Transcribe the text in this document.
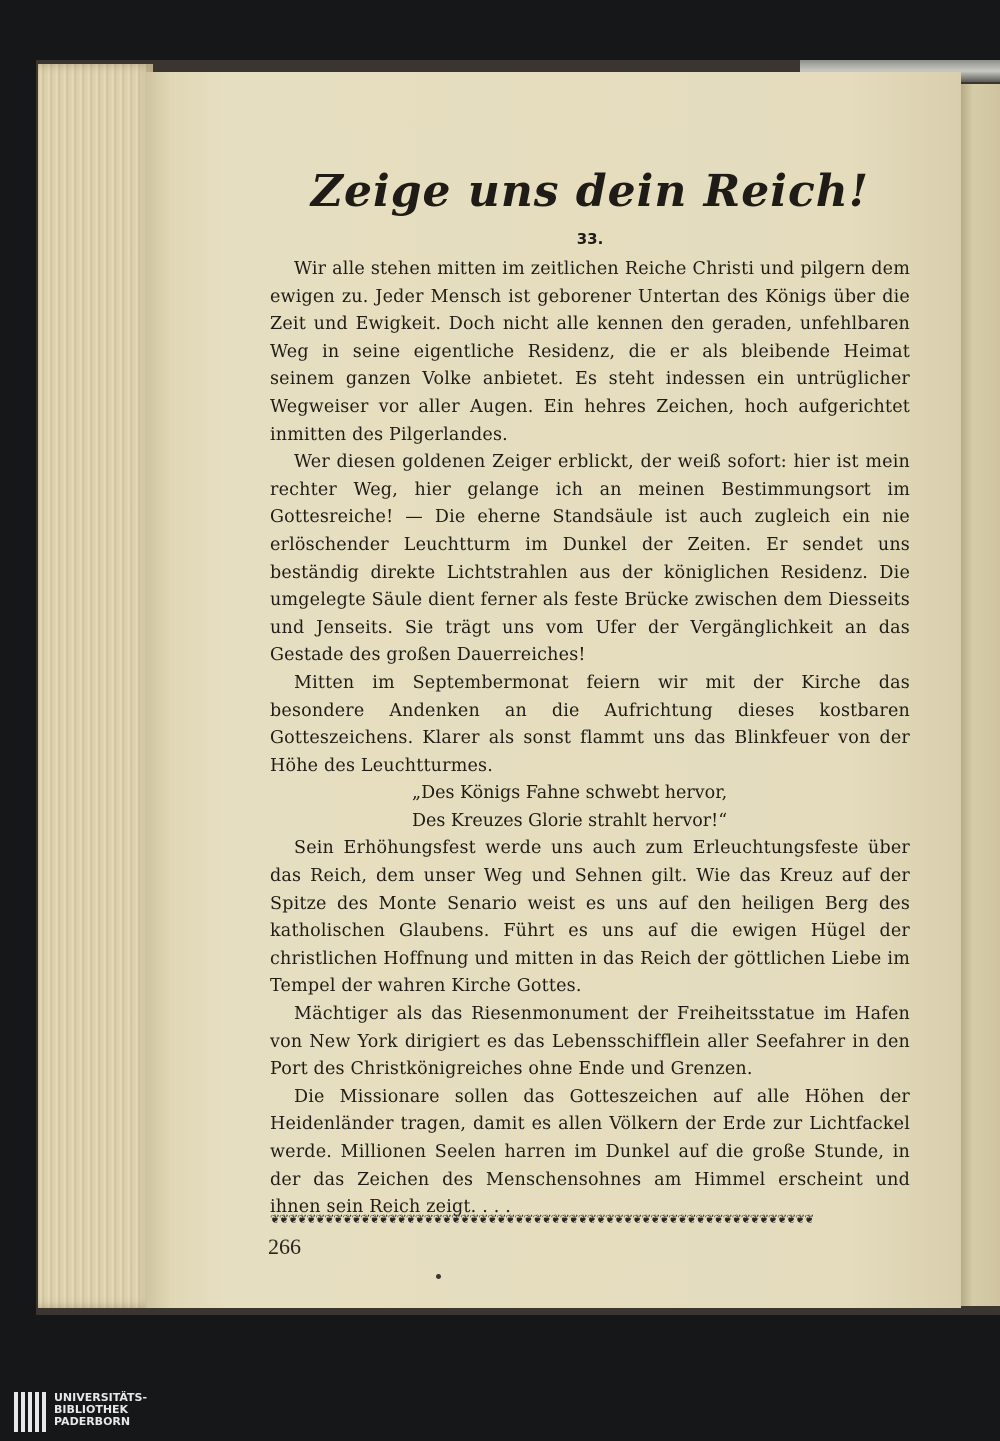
Zeige uns dein Reich!
33.

Wir alle stehen mitten im zeitlichen Reiche Christi und pilgern dem ewigen zu. Jeder Mensch ist geborener Untertan des Königs über die Zeit und Ewigkeit. Doch nicht alle kennen den geraden, unfehlbaren Weg in seine eigentliche Residenz, die er als bleibende Heimat seinem ganzen Volke anbietet. Es steht indessen ein untrüglicher Wegweiser vor aller Augen. Ein hehres Zeichen, hoch aufgerichtet inmitten des Pilgerlandes.

Wer diesen goldenen Zeiger erblickt, der weiß sofort: hier ist mein rechter Weg, hier gelange ich an meinen Bestimmungsort im Gottesreiche! — Die eherne Standsäule ist auch zugleich ein nie erlöschender Leuchtturm im Dunkel der Zeiten. Er sendet uns beständig direkte Lichtstrahlen aus der königlichen Residenz. Die umgelegte Säule dient ferner als feste Brücke zwischen dem Diesseits und Jenseits. Sie trägt uns vom Ufer der Vergänglichkeit an das Gestade des großen Dauerreiches!

Mitten im Septembermonat feiern wir mit der Kirche das besondere Andenken an die Aufrichtung dieses kostbaren Gotteszeichens. Klarer als sonst flammt uns das Blinkfeuer von der Höhe des Leuchtturmes.

„Des Königs Fahne schwebt hervor,

Des Kreuzes Glorie strahlt hervor!“

Sein Erhöhungsfest werde uns auch zum Erleuchtungsfeste über das Reich, dem unser Weg und Sehnen gilt. Wie das Kreuz auf der Spitze des Monte Senario weist es uns auf den heiligen Berg des katholischen Glaubens. Führt es uns auf die ewigen Hügel der christlichen Hoffnung und mitten in das Reich der göttlichen Liebe im Tempel der wahren Kirche Gottes.

Mächtiger als das Riesenmonument der Freiheitsstatue im Hafen von New York dirigiert es das Lebensschifflein aller Seefahrer in den Port des Christkönigreiches ohne Ende und Grenzen.

Die Missionare sollen das Gotteszeichen auf alle Höhen der Heidenländer tragen, damit es allen Völkern der Erde zur Lichtfackel werde. Millionen Seelen harren im Dunkel auf die große Stunde, in der das Zeichen des Menschensohnes am Himmel erscheint und ihnen sein Reich zeigt. . . .

❦❦❦❦❦❦❦❦❦❦❦❦❦❦❦❦❦❦❦❦❦❦❦❦❦❦❦❦❦❦❦❦❦❦❦❦❦❦❦❦❦❦❦❦❦❦❦❦❦❦❦❦❦❦❦❦❦❦❦❦
266
UNIVERSITÄTS-
BIBLIOTHEK
PADERBORN
